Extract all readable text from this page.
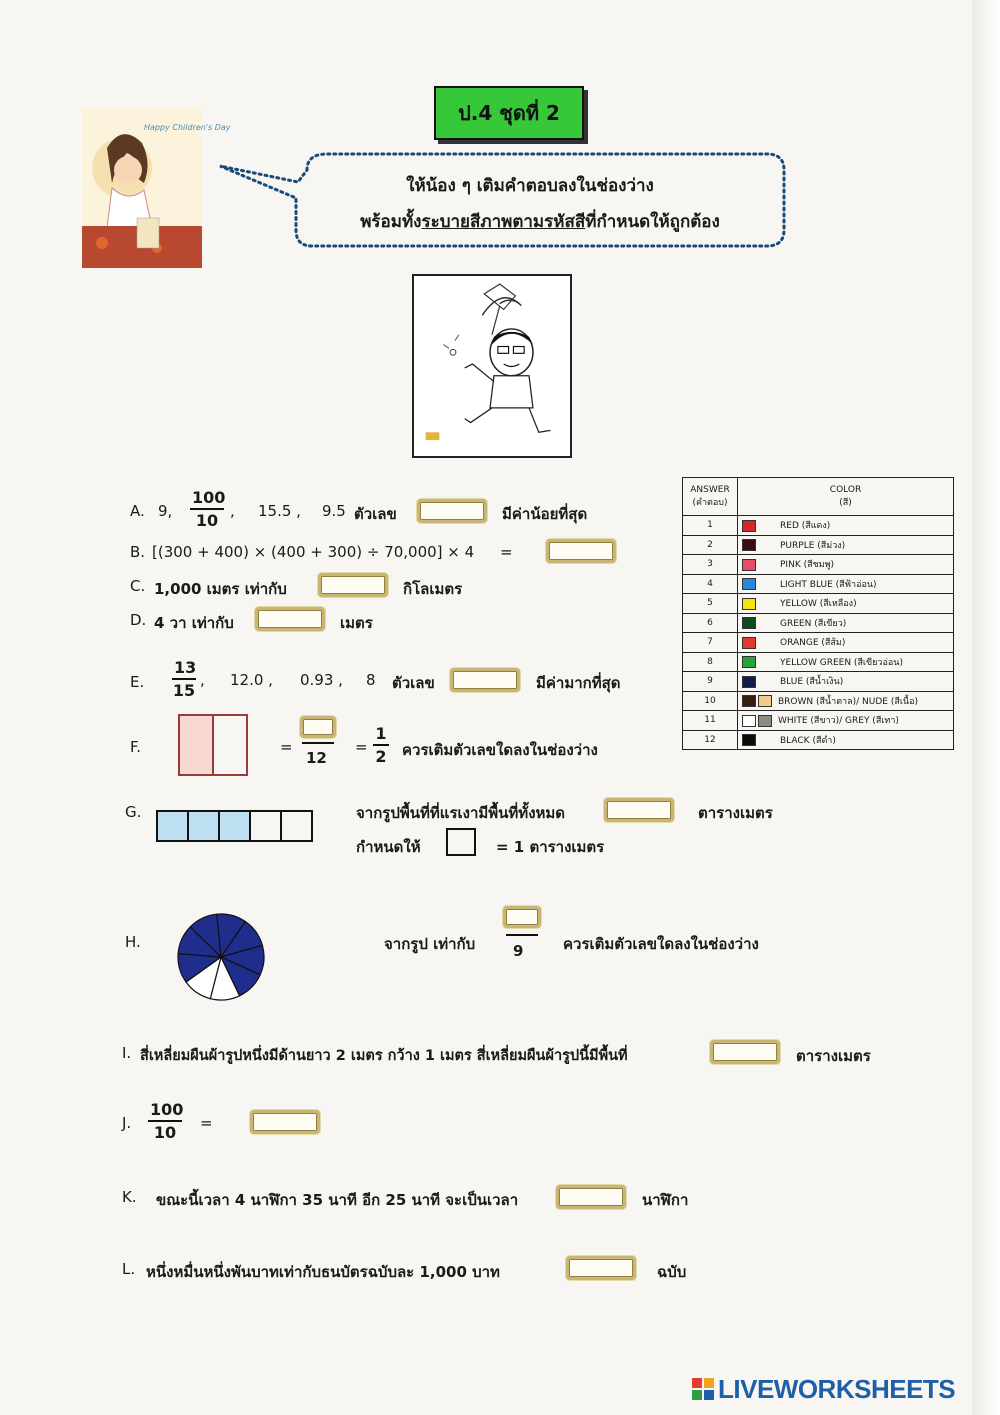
ป.4 ชุดที่ 2
Happy Children's Day
ให้น้อง ๆ เติมคำตอบลงในช่องว่าง
พร้อมทั้งระบายสีภาพตามรหัสสีที่กำหนดให้ถูกต้อง
A. 9, $\frac{100}{10}$ , 15.5 , 9.5 ตัวเลข	มีค่าน้อยที่สุด
B. [(300 + 400) × (400 + 300) ÷ 70,000] × 4 =
C. 1,000 เมตร เท่ากับ	กิโลเมตร
D. 4 วา เท่ากับ	เมตร
E. $\frac{13}{15}$ , 12.0 , 0.93 , 8 ตัวเลข	มีค่ามากที่สุด
F.	=
12
= $\frac{1}{2}$ ควรเติมตัวเลขใดลงในช่องว่าง
ANSWER
(คำตอบ)	COLOR
(สี)
1	RED (สีแดง)
2	PURPLE (สีม่วง)
3	PINK (สีชมพู)
4	LIGHT BLUE (สีฟ้าอ่อน)
5	YELLOW (สีเหลือง)
6	GREEN (สีเขียว)
7	ORANGE (สีส้ม)
8	YELLOW GREEN (สีเขียวอ่อน)
9	BLUE (สีน้ำเงิน)
10	BROWN (สีน้ำตาล)/ NUDE (สีเนื้อ)
11	WHITE (สีขาว)/ GREY (สีเทา)
12	BLACK (สีดำ)
G.	จากรูปพื้นที่ที่แรเงามีพื้นที่ทั้งหมด	ตารางเมตร
กำหนดให้	= 1 ตารางเมตร
H.	จากรูป เท่ากับ	9	ควรเติมตัวเลขใดลงในช่องว่าง
I. สี่เหลี่ยมผืนผ้ารูปหนึ่งมีด้านยาว 2 เมตร กว้าง 1 เมตร สี่เหลี่ยมผืนผ้ารูปนี้มีพื้นที่	ตารางเมตร
J. $\frac{100}{10}$ =
K. ขณะนี้เวลา 4 นาฬิกา 35 นาที อีก 25 นาที จะเป็นเวลา	นาฬิกา
L. หนึ่งหมื่นหนึ่งพันบาทเท่ากับธนบัตรฉบับละ 1,000 บาท	ฉบับ
LIVEWORKSHEETS
